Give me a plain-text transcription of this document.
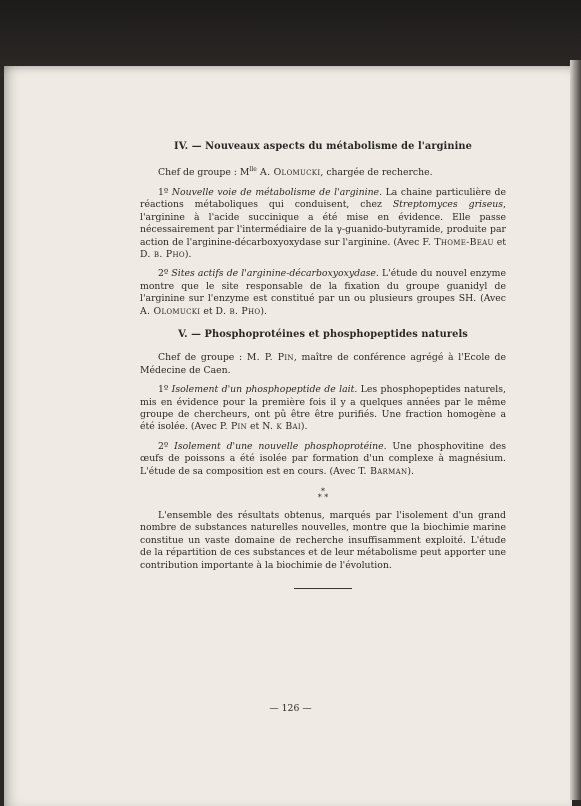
IV. — Nouveaux aspects du métabolisme de l'arginine

Chef de groupe : $M^{lle}$ A. Olomucki, chargée de recherche.

1º Nouvelle voie de métabolisme de l'arginine. La chaine particulière de réactions métaboliques qui conduisent, chez Streptomyces griseus, l'arginine à l'acide succinique a été mise en évidence. Elle passe nécessairement par l'intermédiaire de la γ-guanido-butyramide, produite par action de l'arginine-décarboxyoxydase sur l'arginine. (Avec F. Thome-Beau et D. b. Pho).

2º Sites actifs de l'arginine-décarboxyoxydase. L'étude du nouvel enzyme montre que le site responsable de la fixation du groupe guanidyl de l'arginine sur l'enzyme est constitué par un ou plusieurs groupes SH. (Avec A. Olomucki et D. b. Pho).

V. — Phosphoprotéines et phosphopeptides naturels

Chef de groupe : M. P. Pin, maître de conférence agrégé à l'Ecole de Médecine de Caen.

1º Isolement d'un phosphopeptide de lait. Les phosphopeptides naturels, mis en évidence pour la première fois il y a quelques années par le même groupe de chercheurs, ont pû être être purifiés. Une fraction homogène a été isolée. (Avec P. Pin et N. k Bai).

2º Isolement d'une nouvelle phosphoprotéine. Une phosphovitine des œufs de poissons a été isolée par formation d'un complexe à magnésium. L'étude de sa composition est en cours. (Avec T. Barman).

*
* *

L'ensemble des résultats obtenus, marqués par l'isolement d'un grand nombre de substances naturelles nouvelles, montre que la biochimie marine constitue un vaste domaine de recherche insuffisamment exploité. L'étude de la répartition de ces substances et de leur métabolisme peut apporter une contribution importante à la biochimie de l'évolution.

— 126 —
